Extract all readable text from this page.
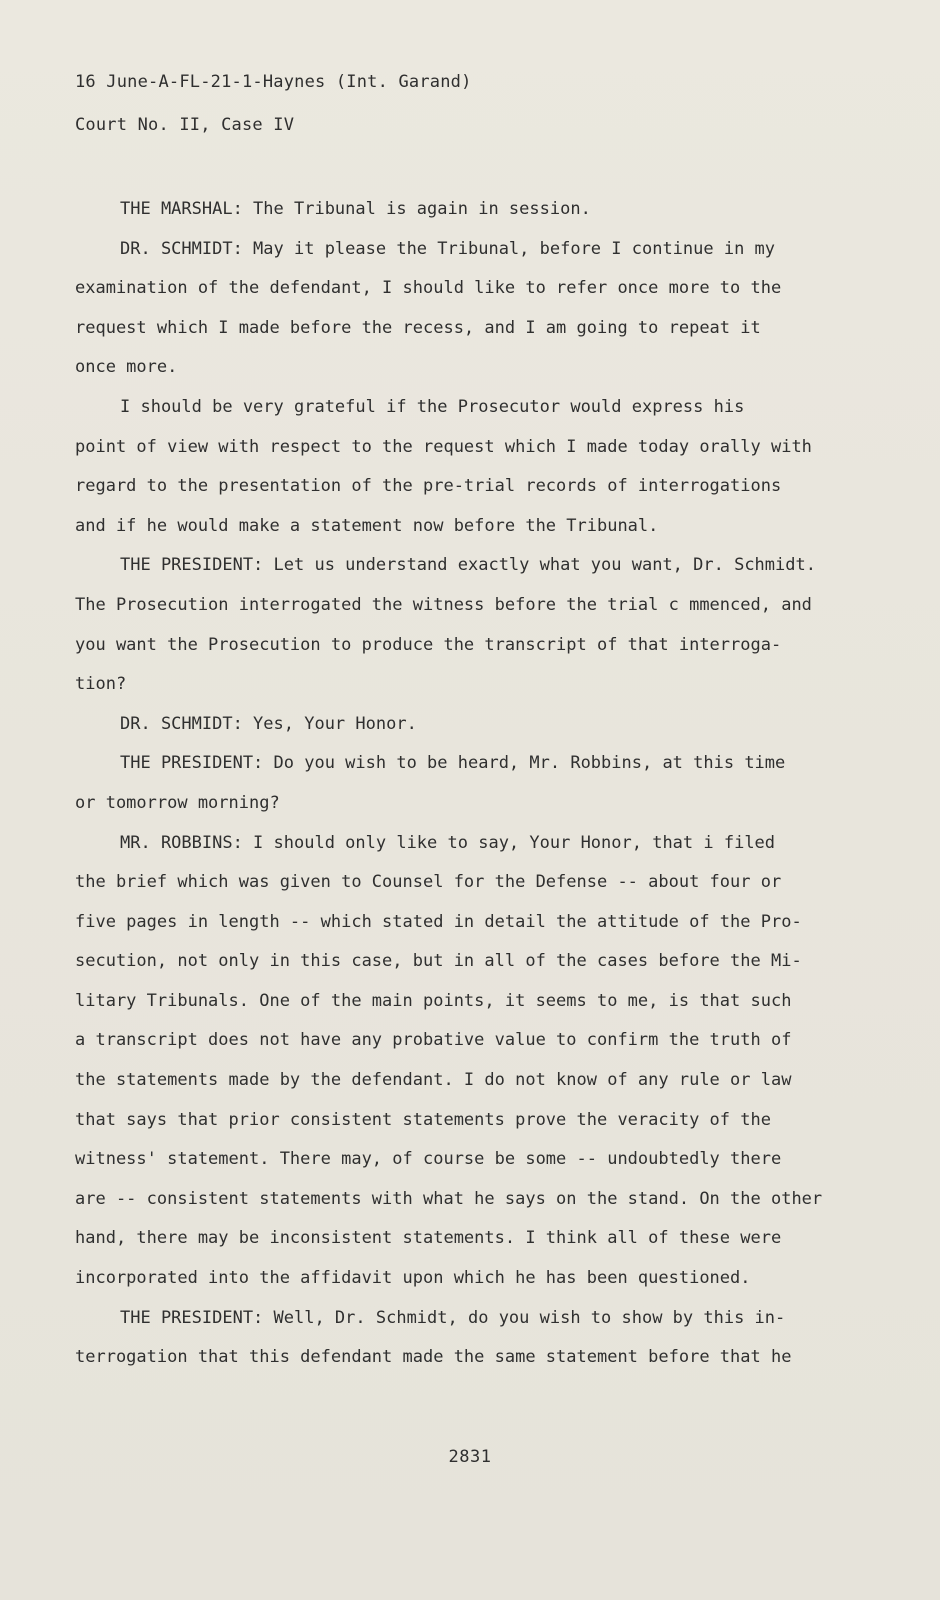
16 June-A-FL-21-1-Haynes (Int. Garand)
Court No. II, Case IV
THE MARSHAL: The Tribunal is again in session.
DR. SCHMIDT: May it please the Tribunal, before I continue in my
examination of the defendant, I should like to refer once more to the
request which I made before the recess, and I am going to repeat it
once more.
I should be very grateful if the Prosecutor would express his
point of view with respect to the request which I made today orally with
regard to the presentation of the pre-trial records of interrogations
and if he would make a statement now before the Tribunal.
THE PRESIDENT: Let us understand exactly what you want, Dr. Schmidt.
The Prosecution interrogated the witness before the trial c mmenced, and
you want the Prosecution to produce the transcript of that interroga-
tion?
DR. SCHMIDT: Yes, Your Honor.
THE PRESIDENT: Do you wish to be heard, Mr. Robbins, at this time
or tomorrow morning?
MR. ROBBINS: I should only like to say, Your Honor, that i filed
the brief which was given to Counsel for the Defense -- about four or
five pages in length -- which stated in detail the attitude of the Pro-
secution, not only in this case, but in all of the cases before the Mi-
litary Tribunals. One of the main points, it seems to me, is that such
a transcript does not have any probative value to confirm the truth of
the statements made by the defendant. I do not know of any rule or law
that says that prior consistent statements prove the veracity of the
witness' statement. There may, of course be some -- undoubtedly there
are -- consistent statements with what he says on the stand. On the other
hand, there may be inconsistent statements. I think all of these were
incorporated into the affidavit upon which he has been questioned.
THE PRESIDENT: Well, Dr. Schmidt, do you wish to show by this in-
terrogation that this defendant made the same statement before that he
2831
